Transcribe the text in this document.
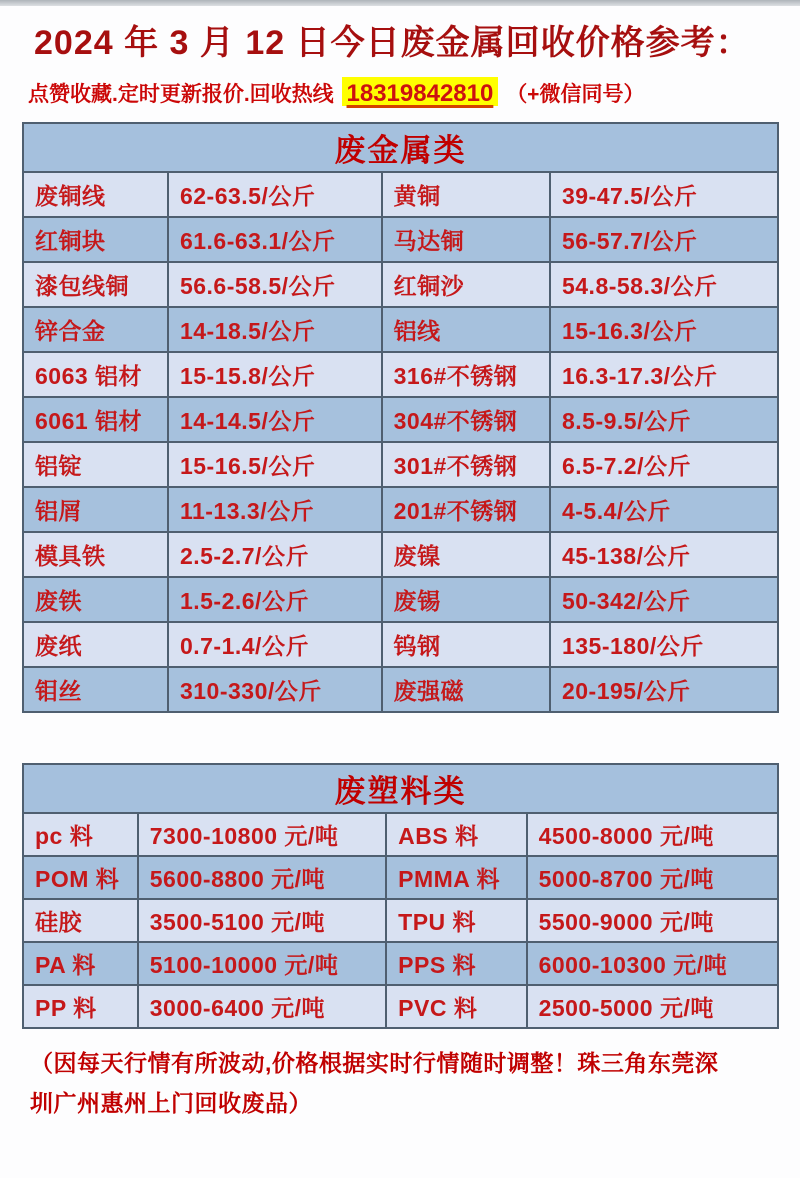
2024 年 3 月 12 日今日废金属回收价格参考：
点赞收藏.定时更新报价.回收热线 18319842810 （+微信同号）
废金属类			
废铜线	62-63.5/公斤	黄铜	39-47.5/公斤
红铜块	61.6-63.1/公斤	马达铜	56-57.7/公斤
漆包线铜	56.6-58.5/公斤	红铜沙	54.8-58.3/公斤
锌合金	14-18.5/公斤	铝线	15-16.3/公斤
6063 铝材	15-15.8/公斤	316#不锈钢	16.3-17.3/公斤
6061 铝材	14-14.5/公斤	304#不锈钢	8.5-9.5/公斤
铝锭	15-16.5/公斤	301#不锈钢	6.5-7.2/公斤
铝屑	11-13.3/公斤	201#不锈钢	4-5.4/公斤
模具铁	2.5-2.7/公斤	废镍	45-138/公斤
废铁	1.5-2.6/公斤	废锡	50-342/公斤
废纸	0.7-1.4/公斤	钨钢	135-180/公斤
钼丝	310-330/公斤	废强磁	20-195/公斤
废塑料类			
pc 料	7300-10800 元/吨	ABS 料	4500-8000 元/吨
POM 料	5600-8800 元/吨	PMMA 料	5000-8700 元/吨
硅胶	3500-5100 元/吨	TPU 料	5500-9000 元/吨
PA 料	5100-10000 元/吨	PPS 料	6000-10300 元/吨
PP 料	3000-6400 元/吨	PVC 料	2500-5000 元/吨
（因每天行情有所波动,价格根据实时行情随时调整！珠三角东莞深
圳广州惠州上门回收废品）
